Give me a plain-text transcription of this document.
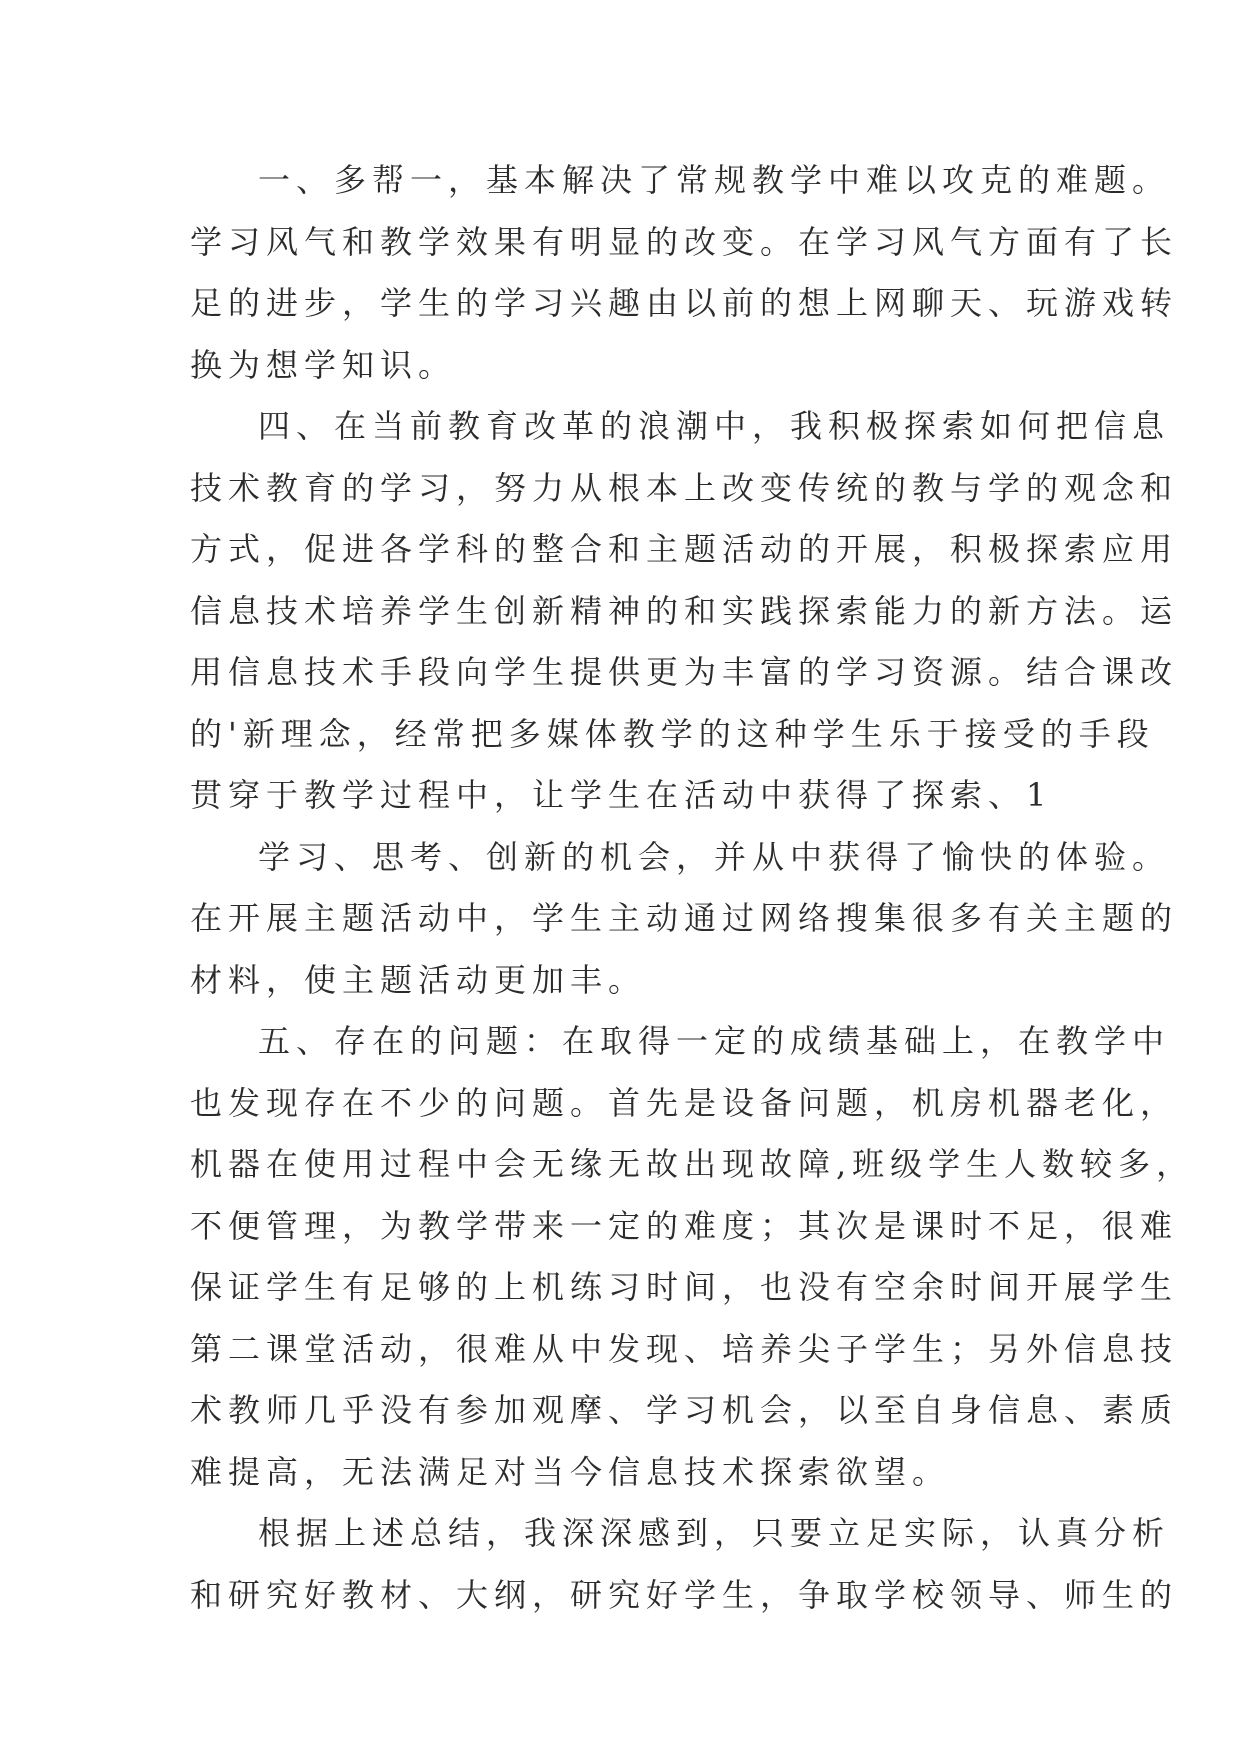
一、多帮一，基本解决了常规教学中难以攻克的难题。
学习风气和教学效果有明显的改变。在学习风气方面有了长
足的进步，学生的学习兴趣由以前的想上网聊天、玩游戏转
换为想学知识。
四、在当前教育改革的浪潮中，我积极探索如何把信息
技术教育的学习，努力从根本上改变传统的教与学的观念和
方式，促进各学科的整合和主题活动的开展，积极探索应用
信息技术培养学生创新精神的和实践探索能力的新方法。运
用信息技术手段向学生提供更为丰富的学习资源。结合课改
的'新理念，经常把多媒体教学的这种学生乐于接受的手段
贯穿于教学过程中，让学生在活动中获得了探索、1
学习、思考、创新的机会，并从中获得了愉快的体验。
在开展主题活动中，学生主动通过网络搜集很多有关主题的
材料，使主题活动更加丰。
五、存在的问题：在取得一定的成绩基础上，在教学中
也发现存在不少的问题。首先是设备问题，机房机器老化，
机器在使用过程中会无缘无故出现故障,班级学生人数较多，
不便管理，为教学带来一定的难度；其次是课时不足，很难
保证学生有足够的上机练习时间，也没有空余时间开展学生
第二课堂活动，很难从中发现、培养尖子学生；另外信息技
术教师几乎没有参加观摩、学习机会，以至自身信息、素质
难提高，无法满足对当今信息技术探索欲望。
根据上述总结，我深深感到，只要立足实际，认真分析
和研究好教材、大纲，研究好学生，争取学校领导、师生的
